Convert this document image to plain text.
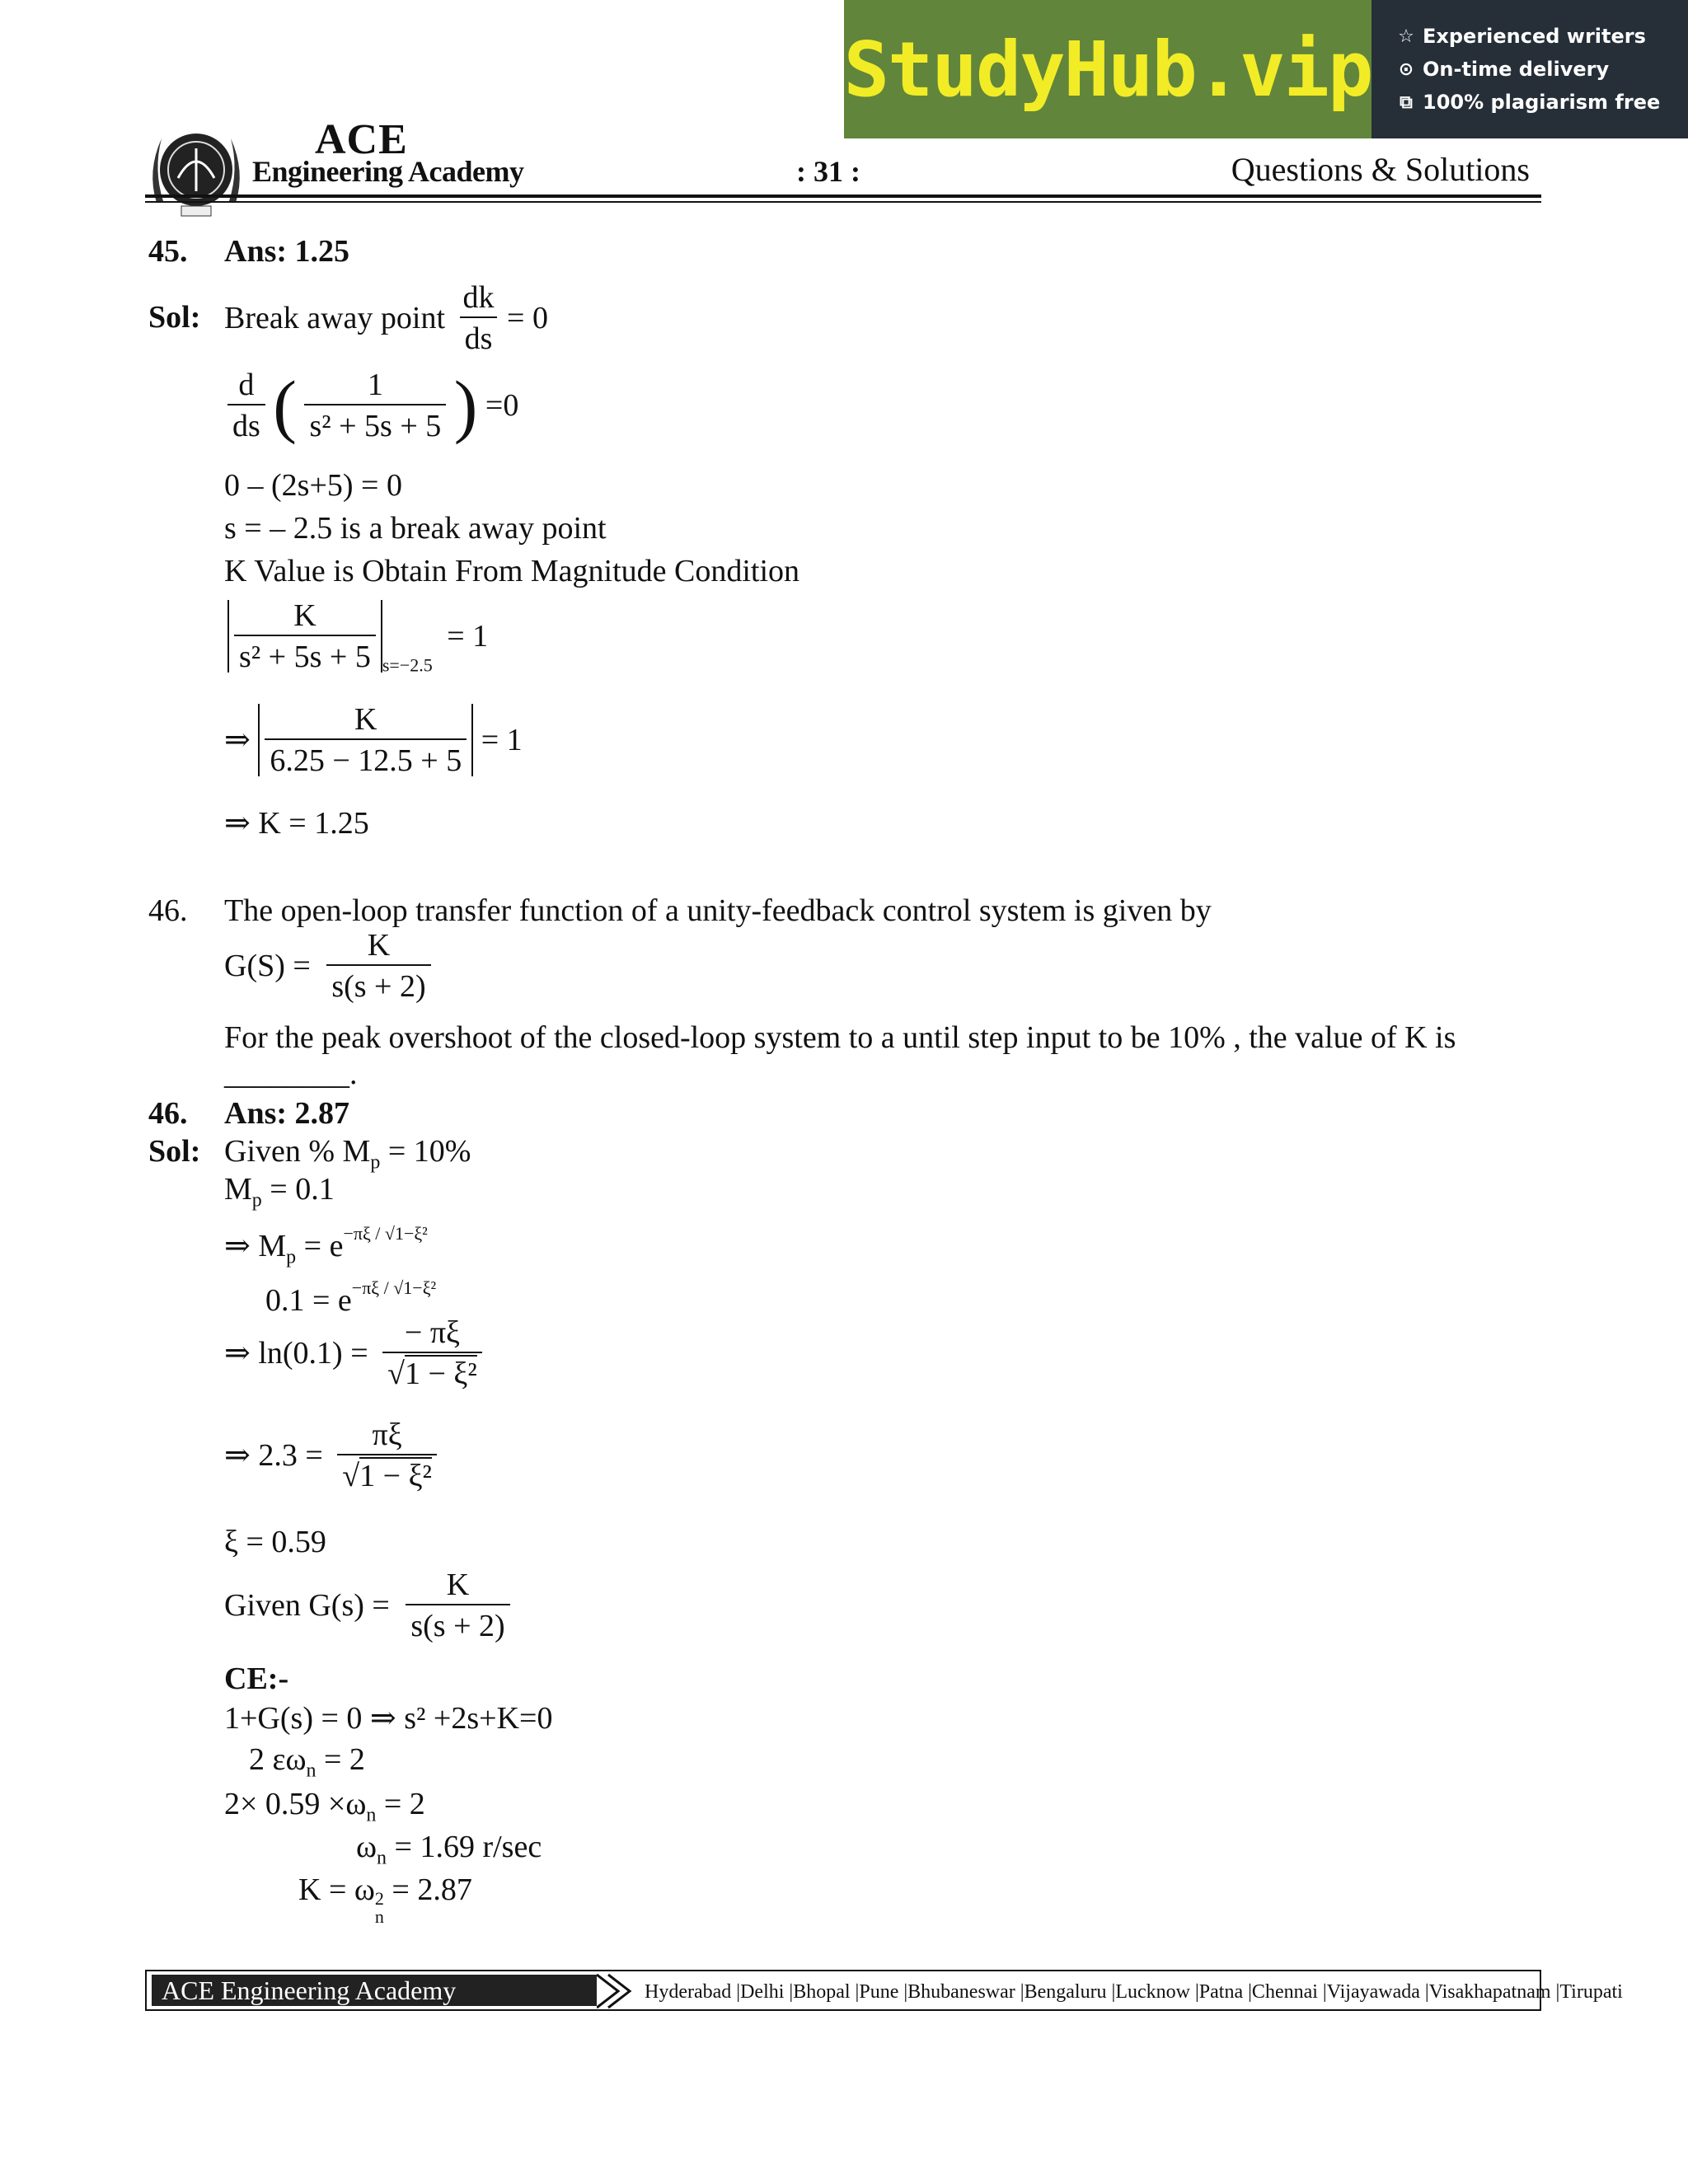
StudyHub.vip ☆ Experienced writers
⊙ On-time delivery
⧉ 100% plagiarism free
ACE
Engineering Academy	: 31 :	Questions & Solutions
45. Ans: 1.25
Sol: Break away point $\frac{dk}{ds} = 0$
$\frac{d}{ds}$ ( $\frac{1}{\text{s² + 5s + 5}}$ ) =0
0 – (2s+5) = 0
s = – 2.5 is a break away point
K Value is Obtain From Magnitude Condition
$\frac{K}{\text{s² + 5s + 5}} _{s=-2.5} = 1$
⇒ $\frac{K}{6.25 - 12.5 + 5} = 1$
⇒ K = 1.25
46. The open-loop transfer function of a unity-feedback control system is given by
$G(S) = \frac{K}{s(s + 2)}$
For the peak overshoot of the closed-loop system to a until step input to be 10% , the value of K is
________.
46. Ans: 2.87
Sol: Given % $M_p = 10\%$
$M_p = 0.1$
⇒ $M_p = e^{-\pi\xi / √1-\xi^2}$
$0.1 = e^{-\pi\xi / √1-\xi^2}$
⇒ $\ln(0.1) = \frac{- \pi\xi}{\text{√1 − ξ²}}$
⇒ $2.3 = \frac{\pi\xi}{\text{√1 − ξ²}}$
ξ = 0.59
Given $G(s) = \frac{K}{s(s + 2)}$
CE:-
1+G(s) = 0 ⇒ s² +2s+K=0
2 $\varepsilon\omega_n = 2$
$2\times 0.59 \times\omega_n = 2$
$\omega_n = 1.69$ r/sec
K = ω 2
n
= 2.87
ACE Engineering Academy	Hyderabad |Delhi |Bhopal |Pune |Bhubaneswar |Bengaluru |Lucknow |Patna |Chennai |Vijayawada |Visakhapatnam |Tirupati
